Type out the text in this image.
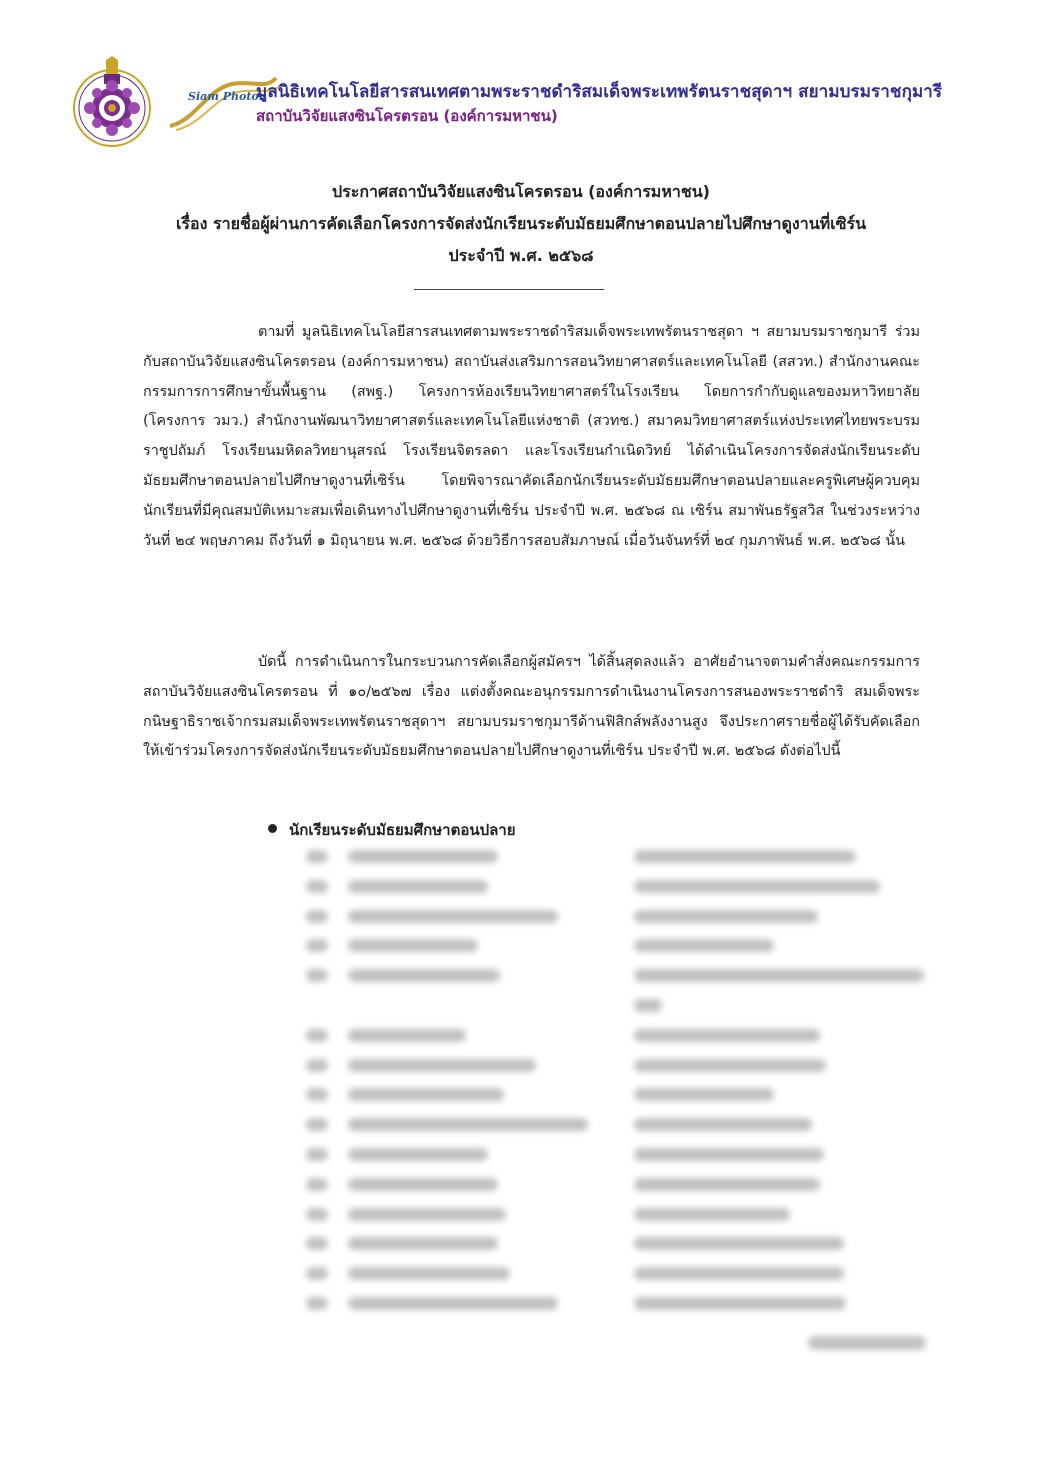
Siam Photon
มูลนิธิเทคโนโลยีสารสนเทศตามพระราชดำริสมเด็จพระเทพรัตนราชสุดาฯ สยามบรมราชกุมารี
สถาบันวิจัยแสงซินโครตรอน (องค์การมหาชน)
ประกาศสถาบันวิจัยแสงซินโครตรอน (องค์การมหาชน)
เรื่อง รายชื่อผู้ผ่านการคัดเลือกโครงการจัดส่งนักเรียนระดับมัธยมศึกษาตอนปลายไปศึกษาดูงานที่เซิร์น
ประจำปี พ.ศ. ๒๕๖๘
ตามที่ มูลนิธิเทคโนโลยีสารสนเทศตามพระราชดำริสมเด็จพระเทพรัตนราชสุดา ฯ สยามบรมราชกุมารี ร่วมกับสถาบันวิจัยแสงซินโครตรอน (องค์การมหาชน) สถาบันส่งเสริมการสอนวิทยาศาสตร์และเทคโนโลยี (สสวท.) สำนักงานคณะกรรมการการศึกษาขั้นพื้นฐาน (สพฐ.) โครงการห้องเรียนวิทยาศาสตร์ในโรงเรียน โดยการกำกับดูแลของมหาวิทยาลัย (โครงการ วมว.) สำนักงานพัฒนาวิทยาศาสตร์และเทคโนโลยีแห่งชาติ (สวทช.) สมาคมวิทยาศาสตร์แห่งประเทศไทยพระบรมราชูปถัมภ์ โรงเรียนมหิดลวิทยานุสรณ์ โรงเรียนจิตรลดา และโรงเรียนกำเนิดวิทย์ ได้ดำเนินโครงการจัดส่งนักเรียนระดับมัธยมศึกษาตอนปลายไปศึกษาดูงานที่เซิร์น โดยพิจารณาคัดเลือกนักเรียนระดับมัธยมศึกษาตอนปลายและครูพิเศษผู้ควบคุมนักเรียนที่มีคุณสมบัติเหมาะสมเพื่อเดินทางไปศึกษาดูงานที่เซิร์น ประจำปี พ.ศ. ๒๕๖๘ ณ เซิร์น สมาพันธรัฐสวิส ในช่วงระหว่างวันที่ ๒๔ พฤษภาคม ถึงวันที่ ๑ มิถุนายน พ.ศ. ๒๕๖๘ ด้วยวิธีการสอบสัมภาษณ์ เมื่อวันจันทร์ที่ ๒๔ กุมภาพันธ์ พ.ศ. ๒๕๖๘ นั้น
บัดนี้ การดำเนินการในกระบวนการคัดเลือกผู้สมัครฯ ได้สิ้นสุดลงแล้ว อาศัยอำนาจตามคำสั่งคณะกรรมการสถาบันวิจัยแสงซินโครตรอน ที่ ๑๐/๒๕๖๗ เรื่อง แต่งตั้งคณะอนุกรรมการดำเนินงานโครงการสนองพระราชดำริ สมเด็จพระกนิษฐาธิราชเจ้ากรมสมเด็จพระเทพรัตนราชสุดาฯ สยามบรมราชกุมารีด้านฟิสิกส์พลังงานสูง จึงประกาศรายชื่อผู้ได้รับคัดเลือกให้เข้าร่วมโครงการจัดส่งนักเรียนระดับมัธยมศึกษาตอนปลายไปศึกษาดูงานที่เซิร์น ประจำปี พ.ศ. ๒๕๖๘ ดังต่อไปนี้
นักเรียนระดับมัธยมศึกษาตอนปลาย
